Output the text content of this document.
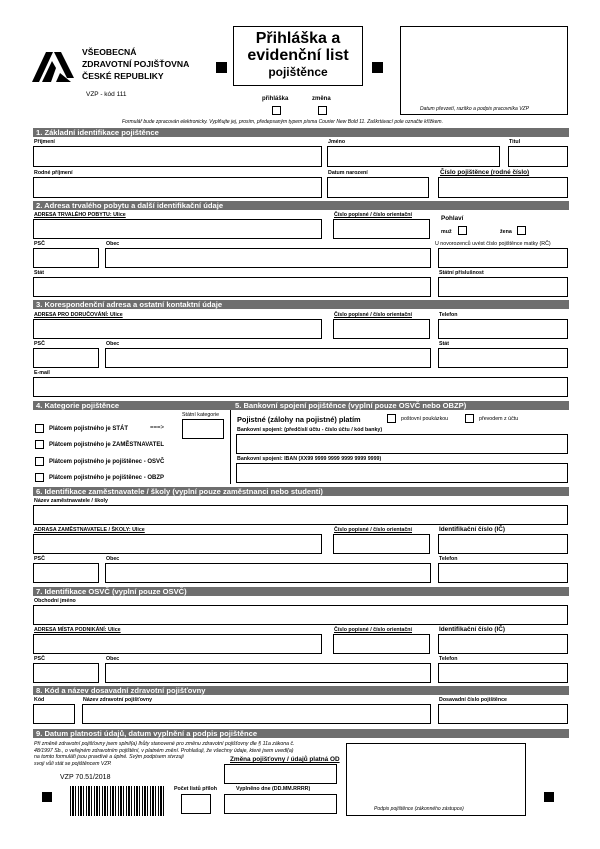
VŠEOBECNÁ
ZDRAVOTNÍ POJIŠŤOVNA
ČESKÉ REPUBLIKY
VZP - kód 111
Přihláška a
evidenční list
pojištěnce
přihláška	změna
Datum převzetí, razítko a podpis pracovníka VZP
Formulář bude zpracován elektronicky. Vyplňujte jej, prosím, předepsaným typem písma Courier New Bold 11. Zaškrtávací pole označte křížkem.
1. Základní identifikace pojištěnce
Příjmení	Jméno	Titul
Rodné příjmení	Datum narození	Číslo pojištěnce (rodné číslo)
2. Adresa trvalého pobytu a další identifikační údaje
ADRESA TRVALÉHO POBYTU: Ulice	Číslo popisné / číslo orientační	Pohlaví
muž	žena
PSČ	Obec	U novorozenců uvést číslo pojištěnce matky (RČ)
Stát	Státní příslušnost
3. Korespondenční adresa a ostatní kontaktní údaje
ADRESA PRO DORUČOVÁNÍ: Ulice	Číslo popisné / číslo orientační	Telefon
PSČ	Obec	Stát
E-mail
4. Kategorie pojištěnce	5. Bankovní spojení pojištěnce (vyplní pouze OSVČ nebo OBZP)
Státní kategorie
Plátcem pojistného je STÁT	===>
Plátcem pojistného je ZAMĚSTNAVATEL
Plátcem pojistného je pojištěnec - OSVČ
Plátcem pojistného je pojištěnec - OBZP
Pojistné (zálohy na pojistné) platím	poštovní poukázkou	převodem z účtu
Bankovní spojení: (předčíslí účtu - číslo účtu / kód banky)
Bankovní spojení: IBAN (XX99 9999 9999 9999 9999 9999)
6. Identifikace zaměstnavatele / školy (vyplní pouze zaměstnanci nebo studenti)
Název zaměstnavatele / školy
ADRASA ZAMĚSTNAVATELE / ŠKOLY: Ulice	Číslo popisné / číslo orientační	Identifikační číslo (IČ)
PSČ	Obec	Telefon
7. Identifikace OSVČ (vyplní pouze OSVČ)
Obchodní jméno
ADRESA MÍSTA PODNIKÁNÍ: Ulice	Číslo popisné / číslo orientační	Identifikační číslo (IČ)
PSČ	Obec	Telefon
8. Kód a název dosavadní zdravotní pojišťovny
Kód	Název zdravotní pojišťovny	Dosavadní číslo pojištěnce
9. Datum platnosti údajů, datum vyplnění a podpis pojištěnce
Při změně zdravotní pojišťovny jsem splnil(a) lhůty stanovené pro změnu zdravotní pojišťovny dle § 11a zákona č.
48/1997 Sb., o veřejném zdravotním pojištění, v platném znění. Prohlašuji, že všechny údaje, které jsem uvedl(a)
na tomto formuláři jsou pravdivé a úplné. Svým podpisem stvrzuji
svoji vůli stát se pojištěncem VZP.
Změna pojišťovny / údajů platná OD
VZP 70.51/2018
Počet listů příloh	Vyplněno dne (DD.MM.RRRR)
Podpis pojištěnce (zákonného zástupce)
